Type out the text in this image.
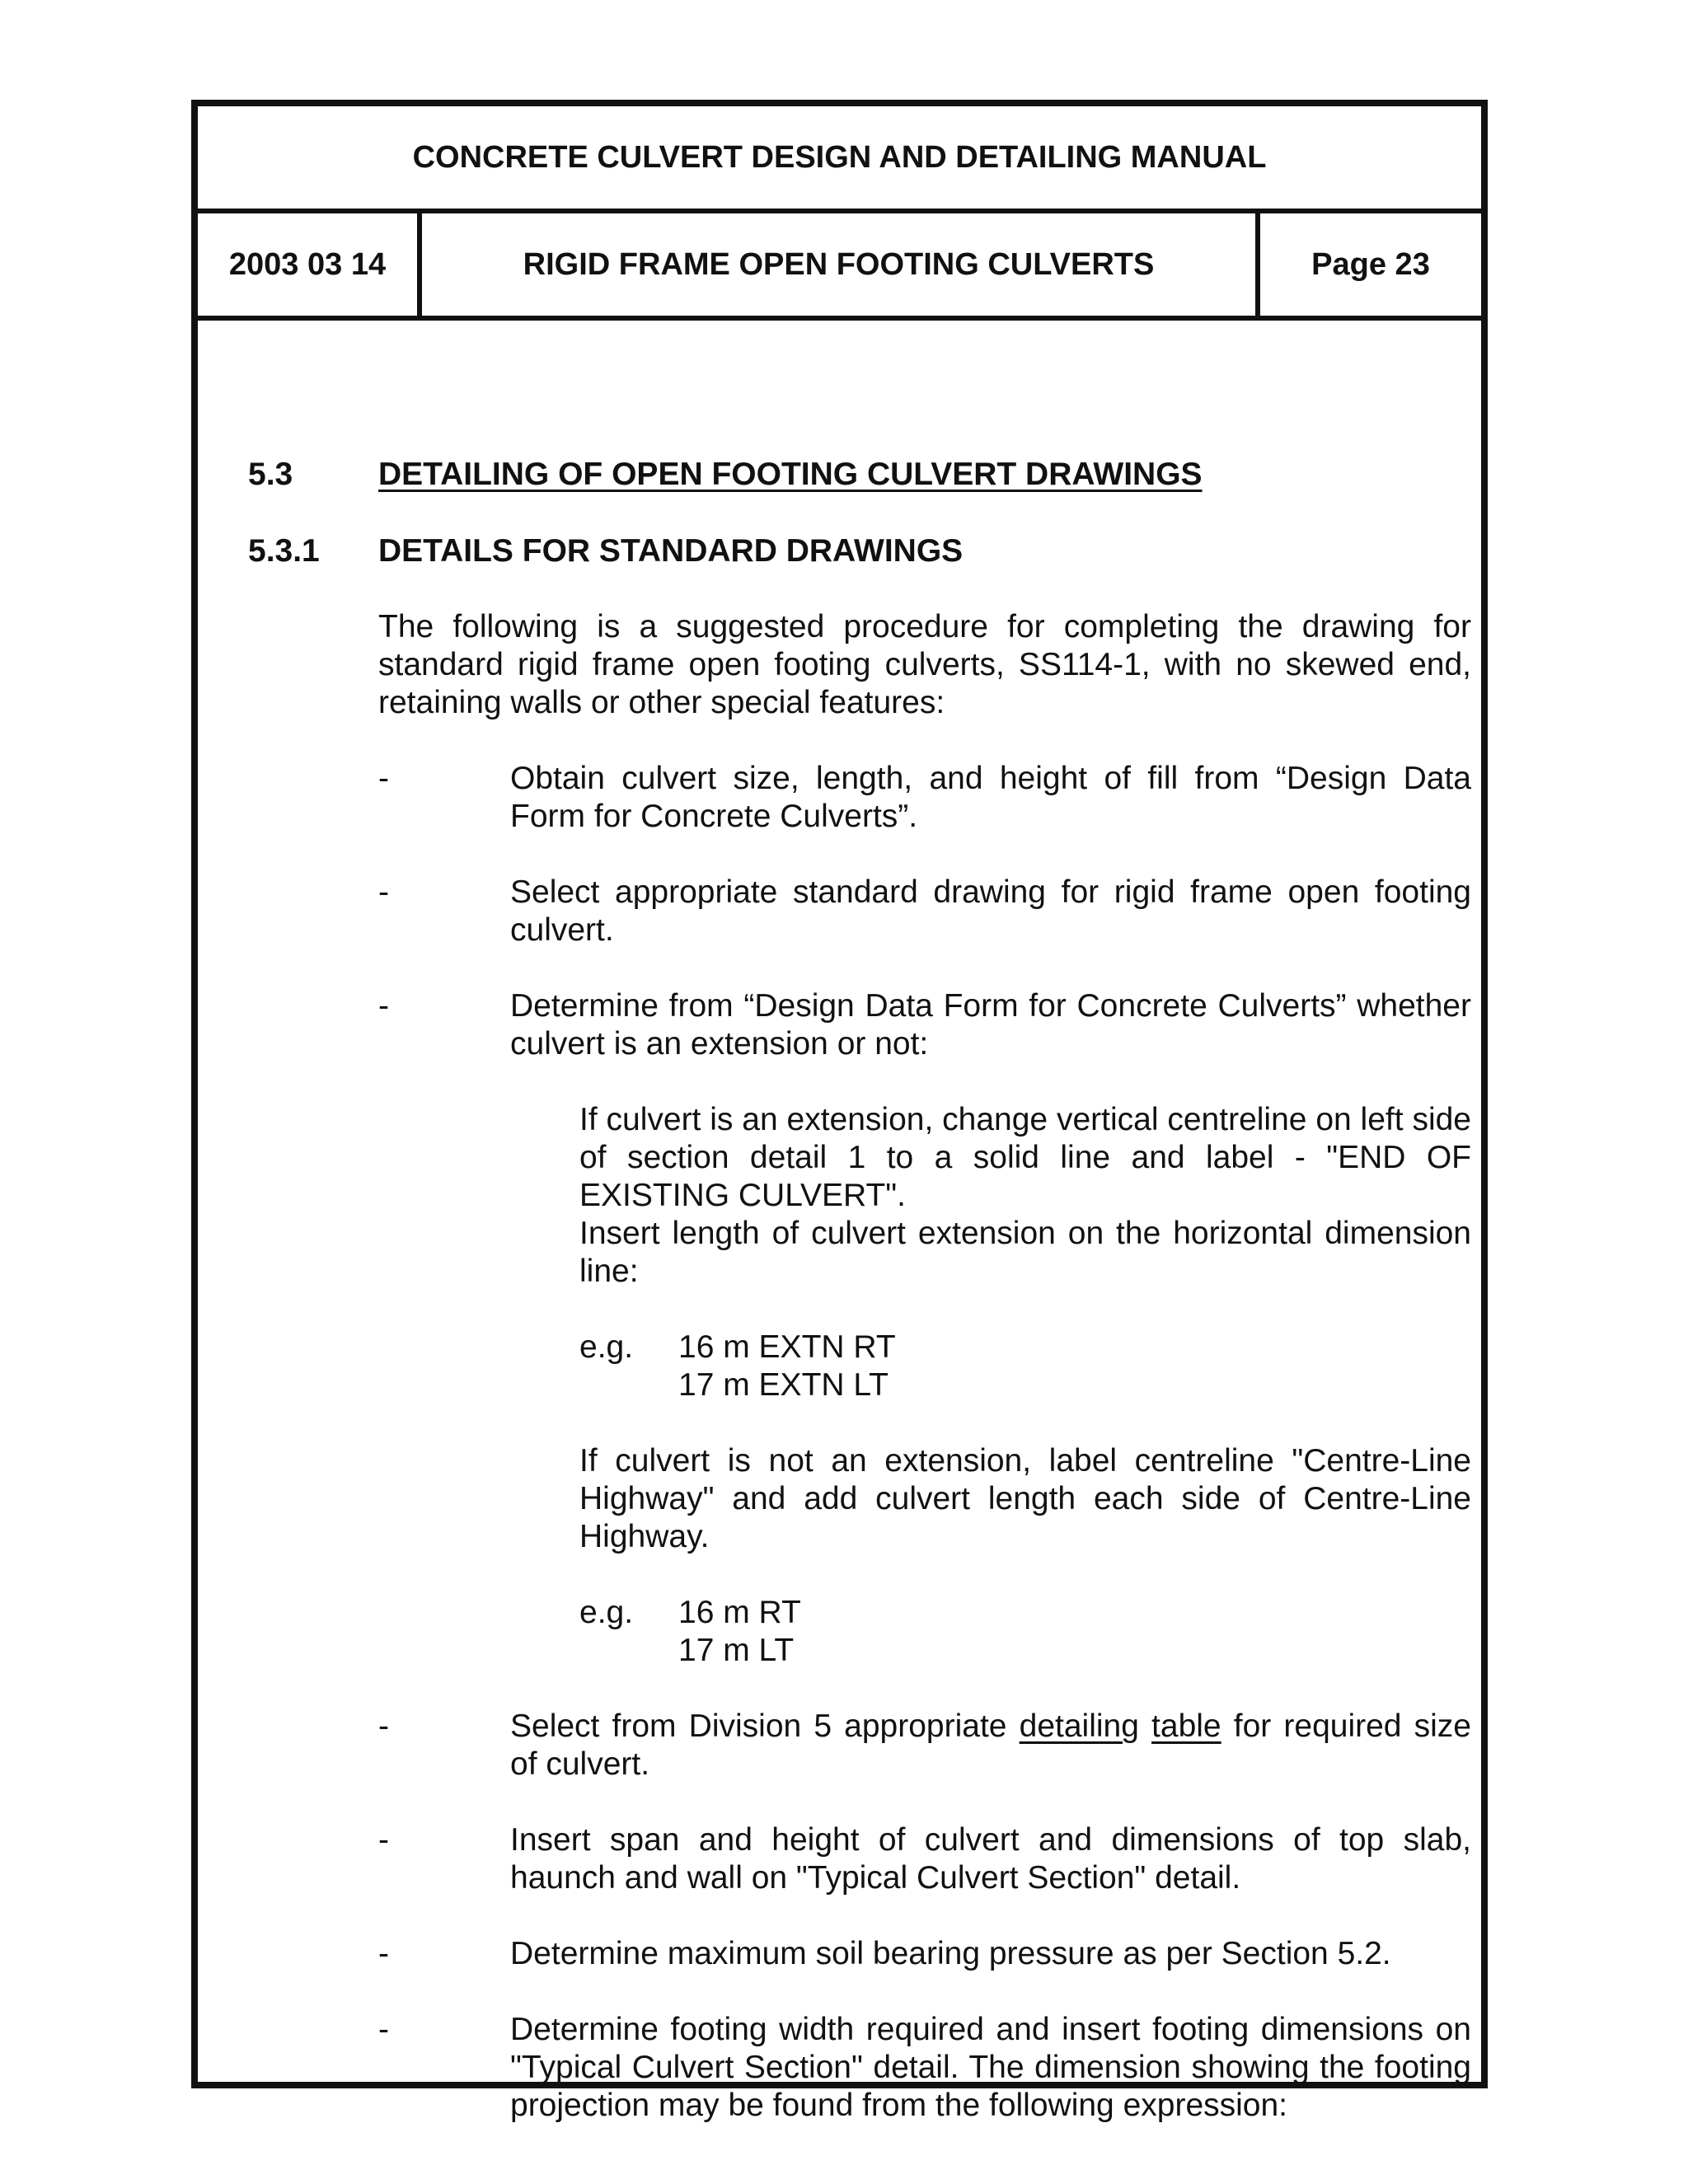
CONCRETE CULVERT DESIGN AND DETAILING MANUAL
2003 03 14	RIGID FRAME OPEN FOOTING CULVERTS	Page 23
5.3	DETAILING OF OPEN FOOTING CULVERT DRAWINGS
5.3.1 DETAILS FOR STANDARD DRAWINGS
The following is a suggested procedure for completing the drawing for standard rigid frame open footing culverts, SS114-1, with no skewed end, retaining walls or other special features:
-	Obtain culvert size, length, and height of fill from “Design Data Form for Concrete Culverts”.
-	Select appropriate standard drawing for rigid frame open footing culvert.
-	Determine from “Design Data Form for Concrete Culverts” whether culvert is an extension or not:
If culvert is an extension, change vertical centreline on left side of section detail 1 to a solid line and label - "END OF EXISTING CULVERT".
Insert length of culvert extension on the horizontal dimension line:
e.g. 16 m EXTN RT
17 m EXTN LT
If culvert is not an extension, label centreline "Centre-Line Highway" and add culvert length each side of Centre-Line Highway.
e.g. 16 m RT
17 m LT
-	Select from Division 5 appropriate detailing table for required size of culvert.
-	Insert span and height of culvert and dimensions of top slab, haunch and wall on "Typical Culvert Section" detail.
-	Determine maximum soil bearing pressure as per Section 5.2.
-	Determine footing width required and insert footing dimensions on "Typical Culvert Section" detail. The dimension showing the footing projection may be found from the following expression:
